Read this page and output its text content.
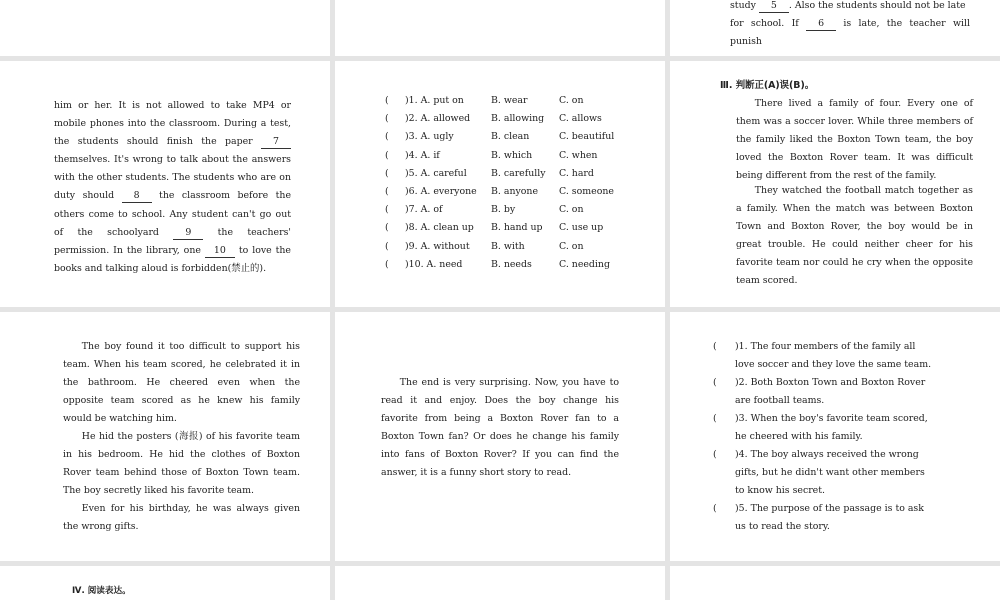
study 5 . Also the students should not be late
for school. If 6 is late, the teacher will punish
him or her. It is not allowed to take MP4 or mobile phones into the classroom. During a test, the students should finish the paper 7 themselves. It's wrong to talk about the answers with the other students. The students who are on duty should 8 the classroom before the others come to school. Any student can't go out of the schoolyard 9 the teachers' permission. In the library, one 10 to love the books and talking aloud is forbidden(禁止的).
( )1. A. put on	B. wear	C. on
( )2. A. allowed B. allowing C. allows
( )3. A. ugly	B. clean	C. beautiful
( )4. A. if	B. which	C. when
( )5. A. careful	B. carefully C. hard
( )6. A. everyone B. anyone C. someone
( )7. A. of	B. by	C. on
( )8. A. clean up B. hand up C. use up
( )9. A. without B. with	C. on
( )10. A. need	B. needs	C. needing
Ⅲ. 判断正(A)误(B)。
There lived a family of four. Every one of them was a soccer lover. While three members of the family liked the Boxton Town team, the boy loved the Boxton Rover team. It was difficult being different from the rest of the family.
They watched the football match together as a family. When the match was between Boxton Town and Boxton Rover, the boy would be in great trouble. He could neither cheer for his favorite team nor could he cry when the opposite team scored.
The boy found it too difficult to support his team. When his team scored, he celebrated it in the bathroom. He cheered even when the opposite team scored as he knew his family would be watching him.
He hid the posters (海报) of his favorite team in his bedroom. He hid the clothes of Boxton Rover team behind those of Boxton Town team. The boy secretly liked his favorite team.
Even for his birthday, he was always given the wrong gifts.
The end is very surprising. Now, you have to read it and enjoy. Does the boy change his favorite from being a Boxton Rover fan to a Boxton Town fan? Or does he change his family into fans of Boxton Rover? If you can find the answer, it is a funny short story to read.
( )1. The four members of the family all love soccer and they love the same team.
( )2. Both Boxton Town and Boxton Rover are football teams.
( )3. When the boy's favorite team scored, he cheered with his family.
( )4. The boy always received the wrong gifts, but he didn't want other members to know his secret.
( )5. The purpose of the passage is to ask us to read the story.
Ⅳ. 阅读表达。
